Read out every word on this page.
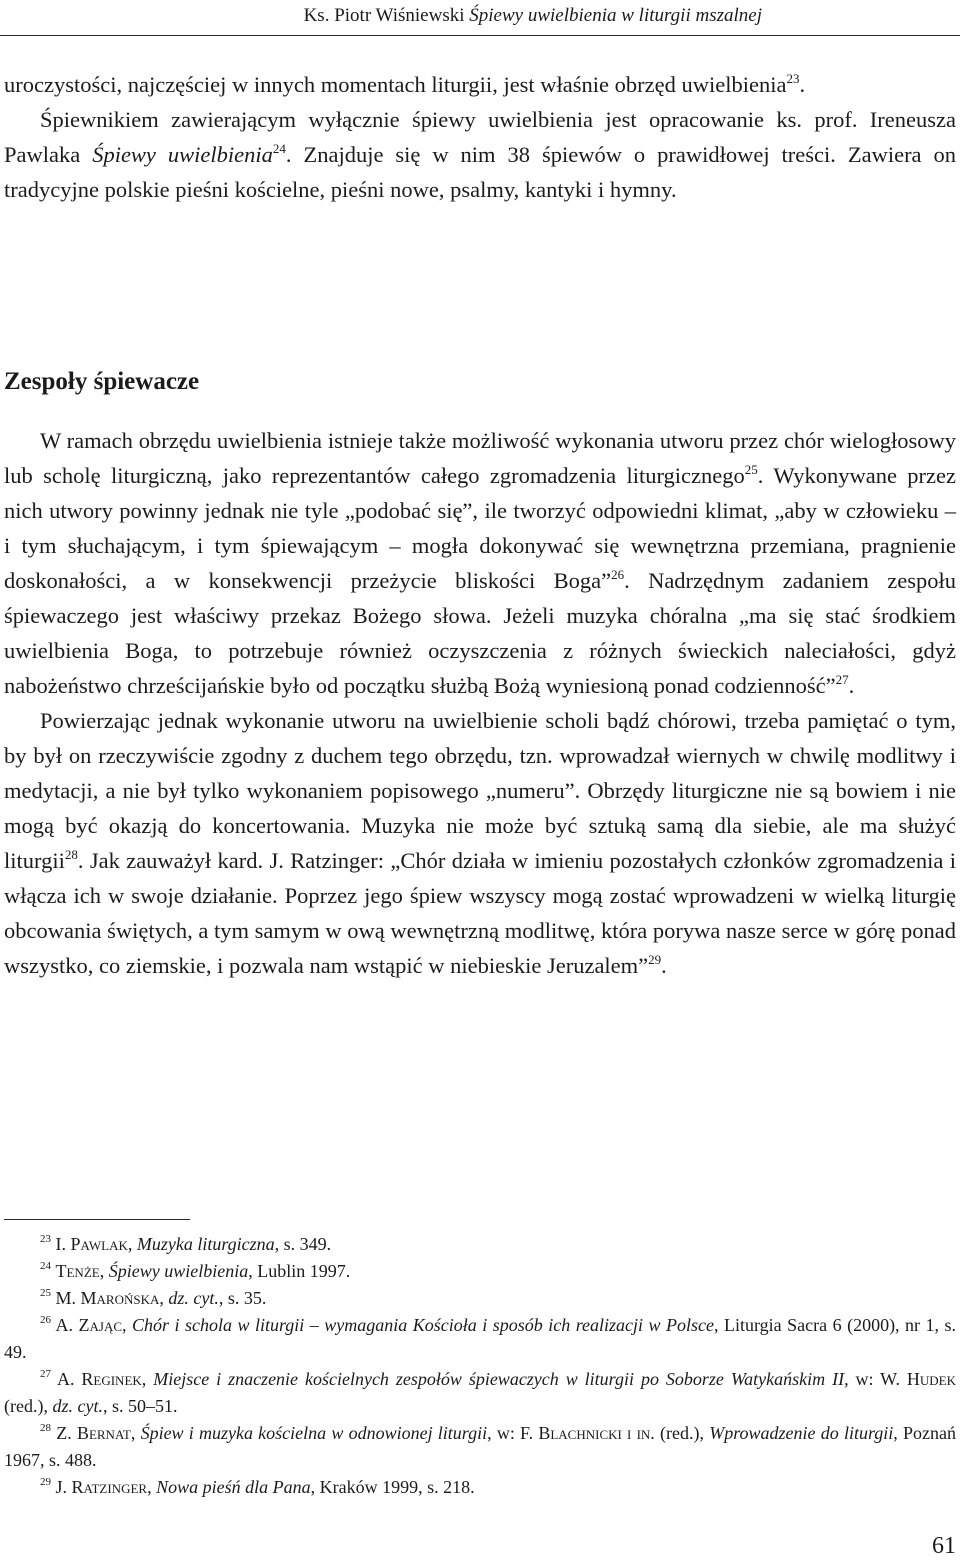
Ks. Piotr Wiśniewski Śpiewy uwielbienia w liturgii mszalnej

uroczystości, najczęściej w innych momentach liturgii, jest właśnie obrzęd uwielbienia$^{23}$.

Śpiewnikiem zawierającym wyłącznie śpiewy uwielbienia jest opracowanie ks. prof. Ireneusza Pawlaka Śpiewy uwielbienia$^{24}$. Znajduje się w nim 38 śpiewów o prawidłowej treści. Zawiera on tradycyjne polskie pieśni kościelne, pieśni nowe, psalmy, kantyki i hymny.

Zespoły śpiewacze

W ramach obrzędu uwielbienia istnieje także możliwość wykonania utworu przez chór wielogłosowy lub scholę liturgiczną, jako reprezentantów całego zgromadzenia liturgicznego$^{25}$. Wykonywane przez nich utwory powinny jednak nie tyle „podobać się”, ile tworzyć odpowiedni klimat, „aby w człowieku – i tym słuchającym, i tym śpiewającym – mogła dokonywać się wewnętrzna przemiana, pragnienie doskonałości, a w konsekwencji przeżycie bliskości Boga”$^{26}$. Nadrzędnym zadaniem zespołu śpiewaczego jest właściwy przekaz Bożego słowa. Jeżeli muzyka chóralna „ma się stać środkiem uwielbienia Boga, to potrzebuje również oczyszczenia z różnych świeckich naleciałości, gdyż nabożeństwo chrześcijańskie było od początku służbą Bożą wyniesioną ponad codzienność”$^{27}$.

Powierzając jednak wykonanie utworu na uwielbienie scholi bądź chórowi, trzeba pamiętać o tym, by był on rzeczywiście zgodny z duchem tego obrzędu, tzn. wprowadzał wiernych w chwilę modlitwy i medytacji, a nie był tylko wykonaniem popisowego „numeru”. Obrzędy liturgiczne nie są bowiem i nie mogą być okazją do koncertowania. Muzyka nie może być sztuką samą dla siebie, ale ma służyć liturgii$^{28}$. Jak zauważył kard. J. Ratzinger: „Chór działa w imieniu pozostałych członków zgromadzenia i włącza ich w swoje działanie. Poprzez jego śpiew wszyscy mogą zostać wprowadzeni w wielką liturgię obcowania świętych, a tym samym w ową wewnętrzną modlitwę, która porywa nasze serce w górę ponad wszystko, co ziemskie, i pozwala nam wstąpić w niebieskie Jeruzalem”$^{29}$.

$^{23}$ I. Pawlak, Muzyka liturgiczna, s. 349.

$^{24}$ Tenże, Śpiewy uwielbienia, Lublin 1997.

$^{25}$ M. Marońska, dz. cyt., s. 35.

$^{26}$ A. Zając, Chór i schola w liturgii – wymagania Kościoła i sposób ich realizacji w Polsce, Liturgia Sacra 6 (2000), nr 1, s. 49.

$^{27}$ A. Reginek, Miejsce i znaczenie kościelnych zespołów śpiewaczych w liturgii po Soborze Watykańskim II, w: W. Hudek (red.), dz. cyt., s. 50–51.

$^{28}$ Z. Bernat, Śpiew i muzyka kościelna w odnowionej liturgii, w: F. Blachnicki i in. (red.), Wprowadzenie do liturgii, Poznań 1967, s. 488.

$^{29}$ J. Ratzinger, Nowa pieśń dla Pana, Kraków 1999, s. 218.

61
